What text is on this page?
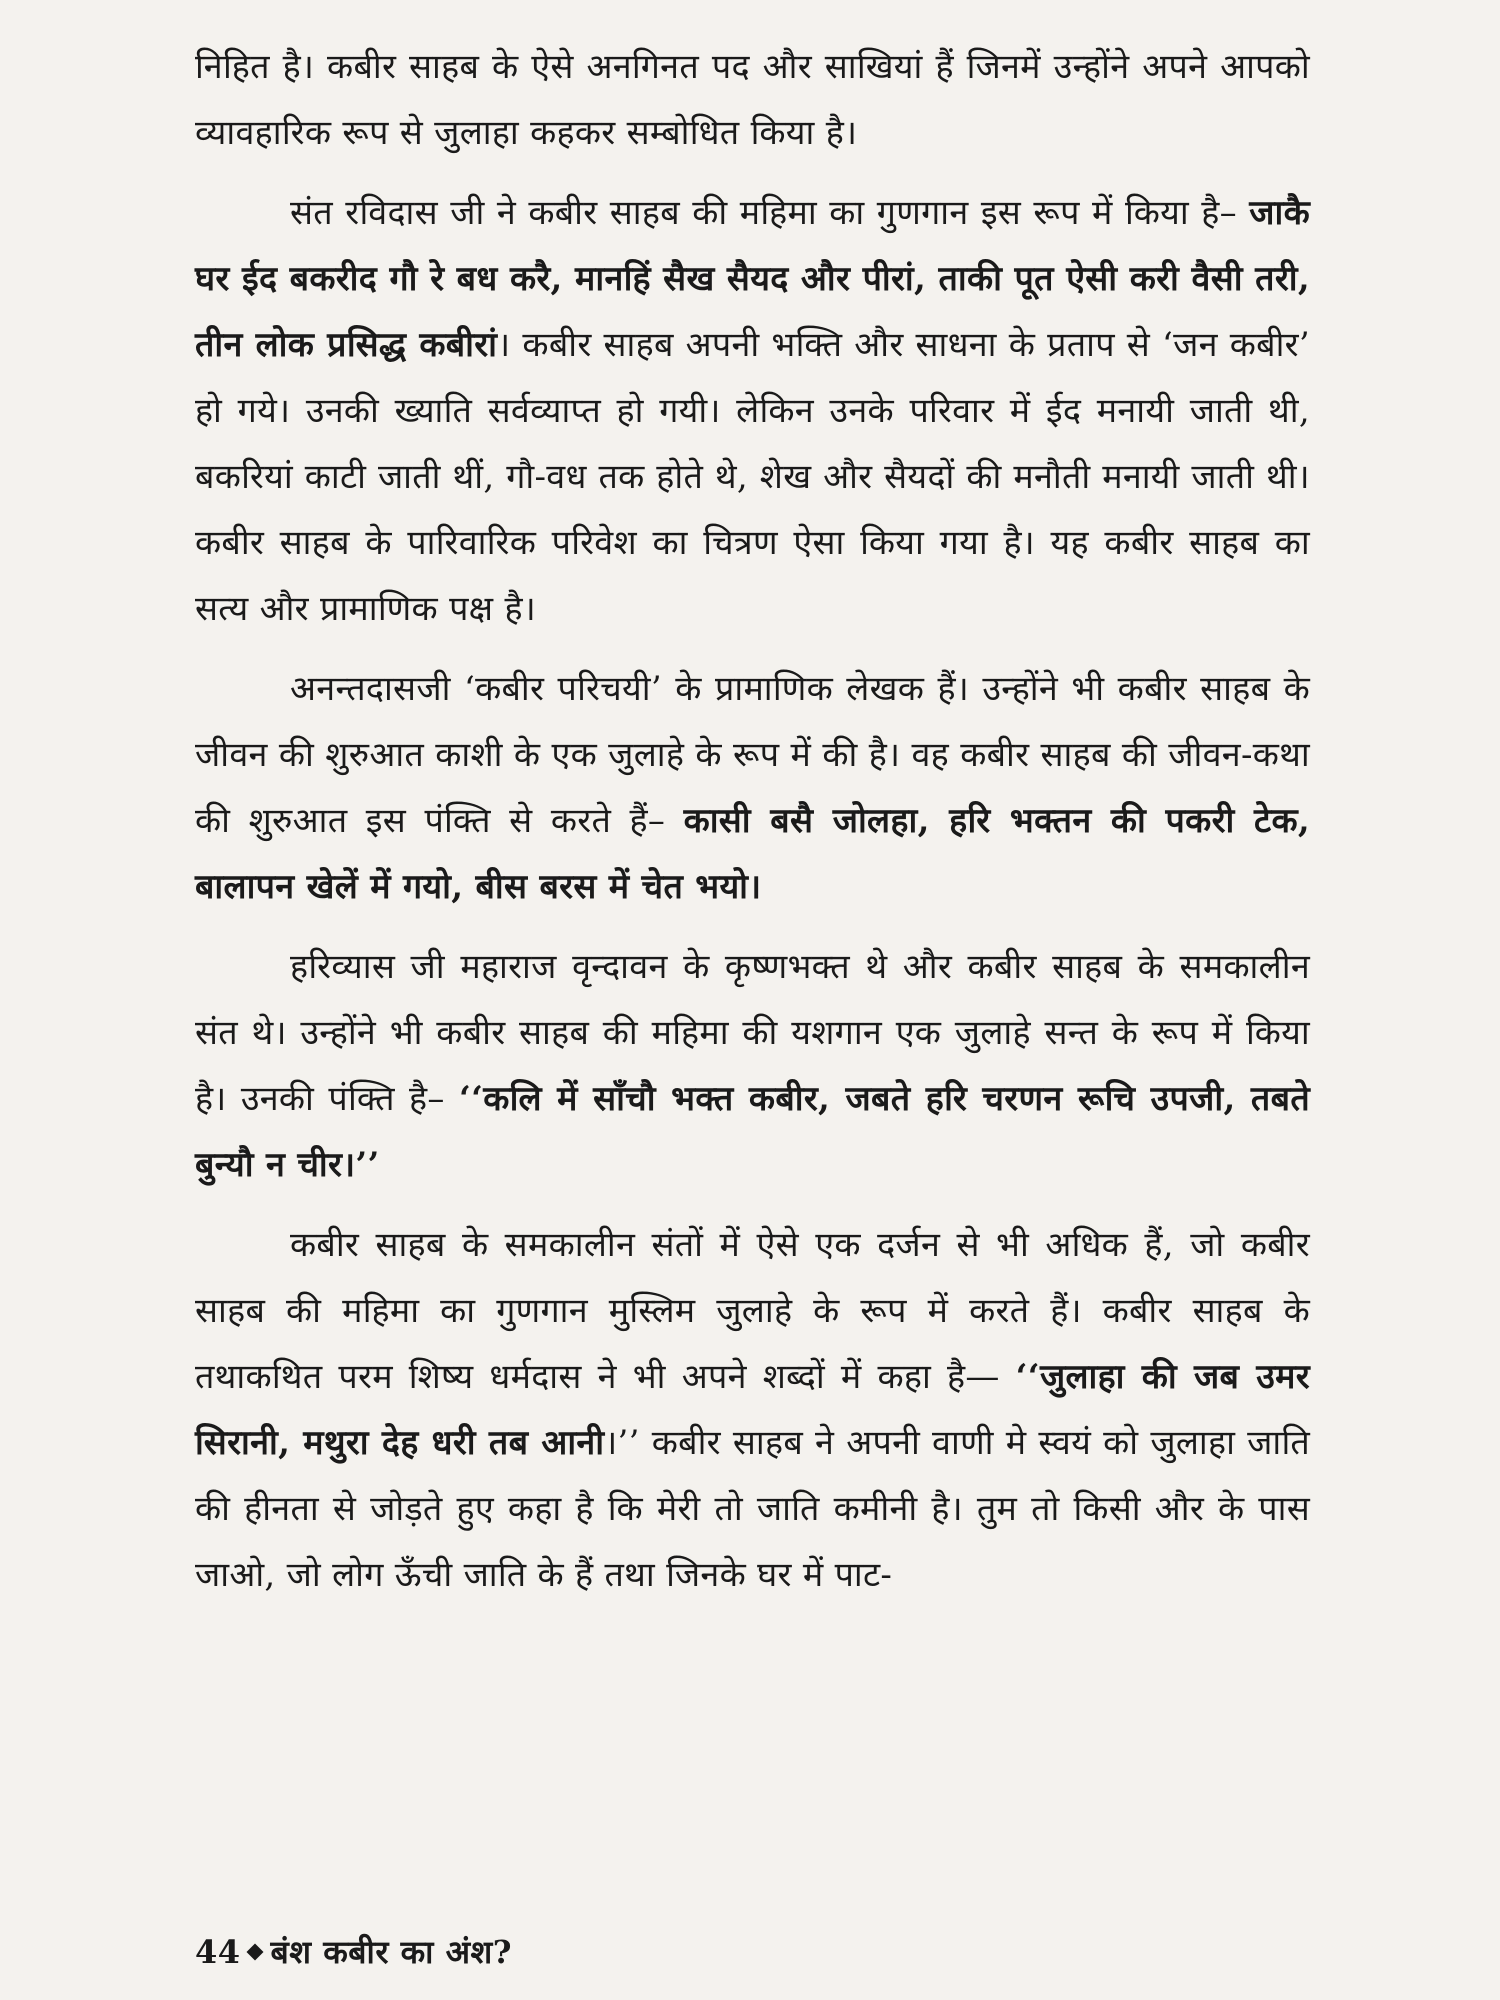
निहित है। कबीर साहब के ऐसे अनगिनत पद और साखियां हैं जिनमें उन्होंने अपने आपको व्यावहारिक रूप से जुलाहा कहकर सम्बोधित किया है।

संत रविदास जी ने कबीर साहब की महिमा का गुणगान इस रूप में किया है– जाकै घर ईद बकरीद गौ रे बध करै, मानहिं सैख सैयद और पीरां, ताकी पूत ऐसी करी वैसी तरी, तीन लोक प्रसिद्ध कबीरां। कबीर साहब अपनी भक्ति और साधना के प्रताप से ‘जन कबीर’ हो गये। उनकी ख्याति सर्वव्याप्त हो गयी। लेकिन उनके परिवार में ईद मनायी जाती थी, बकरियां काटी जाती थीं, गौ-वध तक होते थे, शेख और सैयदों की मनौती मनायी जाती थी। कबीर साहब के पारिवारिक परिवेश का चित्रण ऐसा किया गया है। यह कबीर साहब का सत्य और प्रामाणिक पक्ष है।

अनन्तदासजी ‘कबीर परिचयी’ के प्रामाणिक लेखक हैं। उन्होंने भी कबीर साहब के जीवन की शुरुआत काशी के एक जुलाहे के रूप में की है। वह कबीर साहब की जीवन-कथा की शुरुआत इस पंक्ति से करते हैं– कासी बसै जोलहा, हरि भक्तन की पकरी टेक, बालापन खेलें में गयो, बीस बरस में चेत भयो।

हरिव्यास जी महाराज वृन्दावन के कृष्णभक्त थे और कबीर साहब के समकालीन संत थे। उन्होंने भी कबीर साहब की महिमा की यशगान एक जुलाहे सन्त के रूप में किया है। उनकी पंक्ति है– ‘‘कलि में साँचौ भक्त कबीर, जबते हरि चरणन रूचि उपजी, तबते बुन्यौ न चीर।’’

कबीर साहब के समकालीन संतों में ऐसे एक दर्जन से भी अधिक हैं, जो कबीर साहब की महिमा का गुणगान मुस्लिम जुलाहे के रूप में करते हैं। कबीर साहब के तथाकथित परम शिष्य धर्मदास ने भी अपने शब्दों में कहा है— ‘‘जुलाहा की जब उमर सिरानी, मथुरा देह धरी तब आनी।’’ कबीर साहब ने अपनी वाणी मे स्वयं को जुलाहा जाति की हीनता से जोड़ते हुए कहा है कि मेरी तो जाति कमीनी है। तुम तो किसी और के पास जाओ, जो लोग ऊँची जाति के हैं तथा जिनके घर में पाट-

44 बंश कबीर का अंश?
